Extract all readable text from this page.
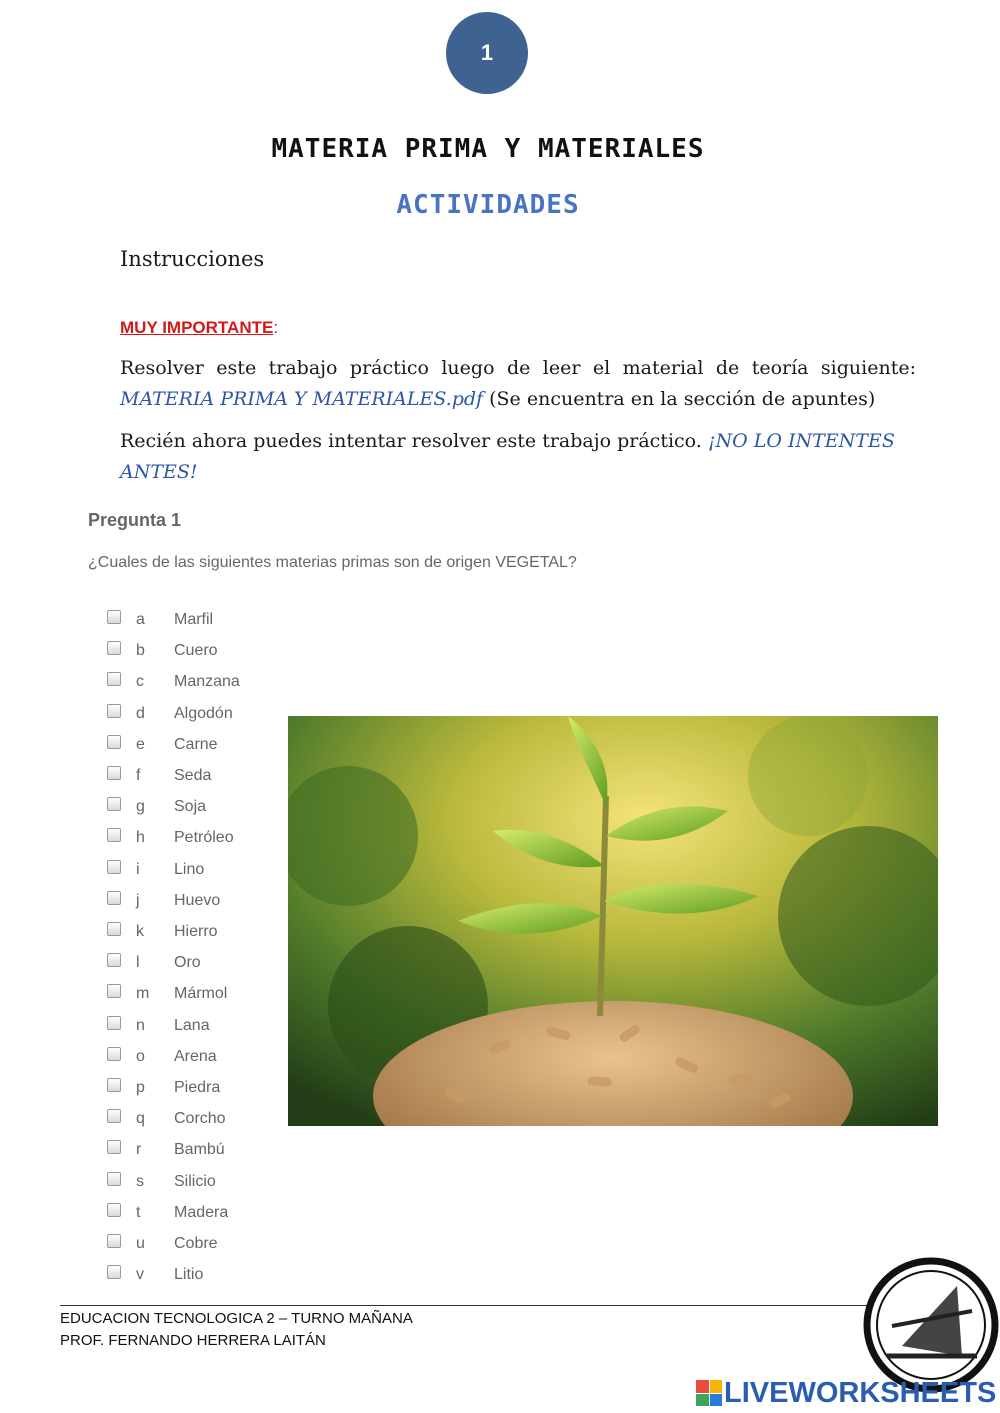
1
MATERIA PRIMA Y MATERIALES
ACTIVIDADES
Instrucciones
MUY IMPORTANTE:
Resolver este trabajo práctico luego de leer el material de teoría siguiente: MATERIA PRIMA Y MATERIALES.pdf (Se encuentra en la sección de apuntes)
Recién ahora puedes intentar resolver este trabajo práctico. ¡NO LO INTENTES ANTES!
Pregunta 1
¿Cuales de las siguientes materias primas son de origen VEGETAL?
a	Marfil
b	Cuero
c	Manzana
d	Algodón
e	Carne
f	Seda
g	Soja
h	Petróleo
i	Lino
j	Huevo
k	Hierro
l	Oro
m	Mármol
n	Lana
o	Arena
p	Piedra
q	Corcho
r	Bambú
s	Silicio
t	Madera
u	Cobre
v	Litio
EDUCACION TECNOLOGICA 2 – TURNO MAÑANA
PROF. FERNANDO HERRERA LAITÁN
LIVEWORKSHEETS
